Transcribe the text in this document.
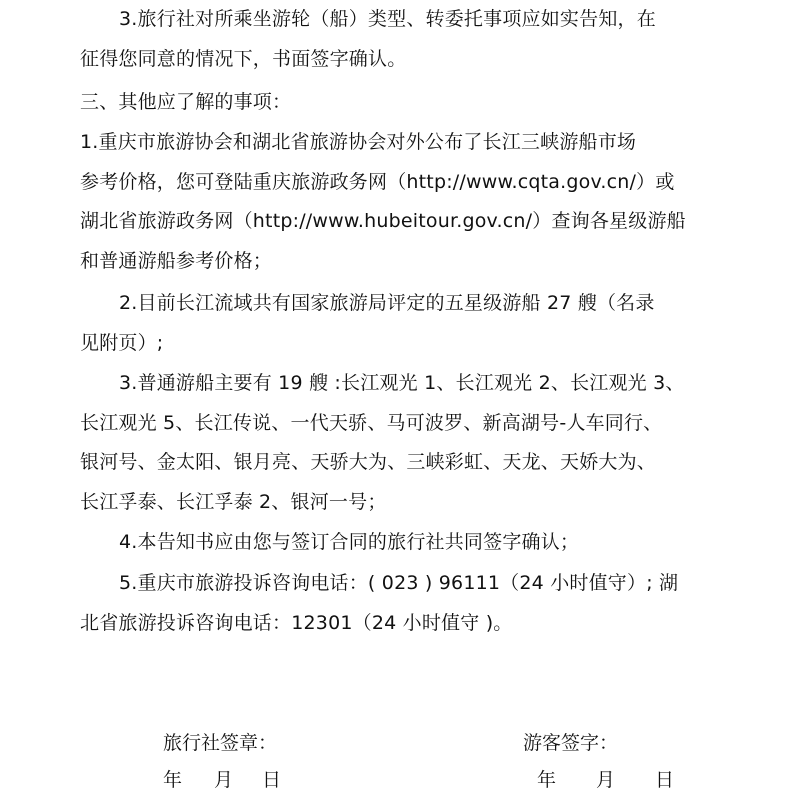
3.旅行社对所乘坐游轮（船）类型、转委托事项应如实告知，在
征得您同意的情况下，书面签字确认。
三、其他应了解的事项：
1.重庆市旅游协会和湖北省旅游协会对外公布了长江三峡游船市场
参考价格，您可登陆重庆旅游政务网（http://www.cqta.gov.cn/）或
湖北省旅游政务网（http://www.hubeitour.gov.cn/）查询各星级游船
和普通游船参考价格；
2.目前长江流域共有国家旅游局评定的五星级游船 27 艘（名录
见附页）;
3.普通游船主要有 19 艘 :长江观光 1、长江观光 2、长江观光 3、
长江观光 5、长江传说、一代天骄、马可波罗、新高湖号-人车同行、
银河号、金太阳、银月亮、天骄大为、三峡彩虹、天龙、天娇大为、
长江孚泰、长江孚泰 2、银河一号；
4.本告知书应由您与签订合同的旅行社共同签字确认；
5.重庆市旅游投诉咨询电话：( 023 ) 96111（24 小时值守）; 湖
北省旅游投诉咨询电话：12301（24 小时值守 )。
旅行社签章：	游客签字：
年 月 日	年 月 日
